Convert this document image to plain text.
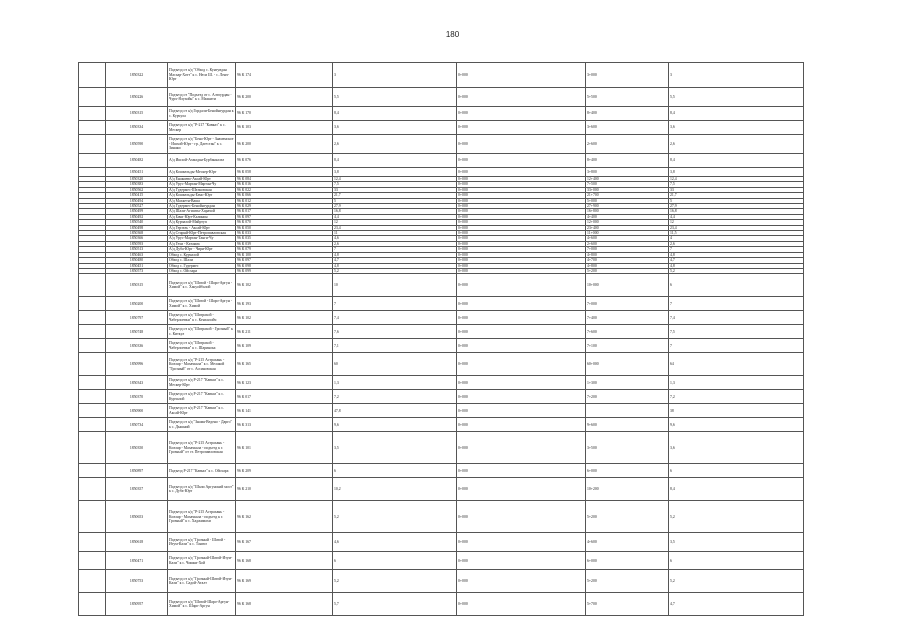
180
	1850322	Подъезд от а/д "Обход с. Кунтувдан Масхар-Хотт" к с. Неси Ш. - с. Ленч-Юрт	96 К 174	3	0+000	3+000	3
	1850226	Подъезд от "Подъезд от с. Алтоурдан - Чурх-Ялухойн" к с. Махкити	96 К 200	5,5	0+000	5+500	5,5
	1850315	Подъезд от а/д Гордали-Бенойнгурдан к с. Курчула	96 К 170	8,4	0+000	8+400	8,4
	1850334	Подъезд от а/д "Р-217 "Кавказ" к с. Мескер	96 К 103	3,6	0+000	3+600	3,6
	1850590	Подъезд от а/д "Бено-Юрт - Знаменское - Ишхой-Юрт - гр. Дагестан" к с. Зинаки	96 К 200	2,6	0+000	2+600	2,6
	1850482	А/д Ишхой-Ахмадан-Бурбанкальт	96 К 076	8,4	0+000	8+400	8,4
	1850451	А/д Кошкельды-Мескер-Юрт	96 К 058	3,8	0+000	3+800	3,8
	1850320	А/д Енакиево-Аксай-Юрт	96 К 084	12,4	0+000	12+400	12,4
	1850383	А/д Урус-Мартан-Мартан-Чу	96 К 016	7,5	0+000	7+500	7,5
	1850562	А/д Гудермес-Шелковская	96 К 022	33	0+000	33+000	33
	1850415	А/д Кошкельды-Бено-Юрт	96 К 066	21,7	0+000	21+700	21,7
	1850494	А/д Махкетн-Ваша	96 К 012	5	0+000	5+000	5
	1850527	А/д Гудермес-Бенойнгурдан	96 К 029	27,9	0+000	27+900	27,9
	1850499	А/д Шали-Агишты-Харачой	96 К 017	16,8	0+000	16+800	16,8
	1850492	А/д Бачи-Юрт-Калинин	96 К 097	4,4	0+000	4+400	4,4
	1850540	А/д Курчалой-Майртуп	96 К 070	12	0+000	12+000	12
	1850498	А/д Герзель - Аксай-Юрт	96 К 050	23,4	0+000	23+400	23,4
	1850368	А/д Старый-Юрт-Петропавловская	96 К 033	11	0+000	11+000	11,5
	1850366	А/д Урус-Мартан-Танги-Чу	96 К 035	4,6	0+000	4+600	4
	1850593	А/д Гехи - Катаяма	96 К 039	2,6	0+000	2+600	2,6
	1850513	А/д Дуба-Юрт - Чири-Юрт	96 К 079	7	0+000	7+000	7
	1850463	Обход с. Курчалой	96 К 100	4,8	0+000	4+800	4,8
	1850480	Обход с. Шали	96 К 097	4,7	0+000	4+700	4,7
	1850451	Обход с. Гудермес	96 К 098	4,8	0+000	4+800	4,8
	1850573	Обход с. Ойсхара	96 К 099	5,2	0+000	5+200	5,2
	1850315	Подъезд от а/д "Шатой - Шаро-Аргун - Химой" к с. Хакуойбалой	96 К 102	10	0+000	10+000	6
	1850200	Подъезд от а/д "Шатой - Шаро-Аргун - Химой" к с. Химой	96 К 193	7	0+000	7+000	7
	1850797	Подъезд от а/д "Шатрахой - Чаберлоевки" к с. Кенхилойч	96 К 102	7,4	0+000	7+400	7,4
	1850748	Подъезд от а/д "Шатрахой - Грозный" к с. Киткул	96 К 211	7,6	0+000	7+600	7,5
	1850336	Подъезд от а/д "Шатрахой - Чаберлоевки" к с. Шаринока	96 К 109	7,1	0+000	7+100	7
	1850996	Подъезд от а/д "Р-215 Астрахань - Кизляр - Махачкала" к с. Мелакой "Грозный" от с. Ассиновская	96 К 165	60	0+000	60+000	64
	1850343	Подъезд от а/д Р-217 "Кавказ" к с. Мескер-Юрт	96 К 123	1,3	0+000	1+300	1,3
	1850370	Подъезд от а/д Р-217 "Кавказ" к с. Курчалой	96 К 017	7,2	0+000	7+200	7,2
	1850900	Подъезд от а/д Р-217 "Кавказ" к с. Аксай-Юрт	96 К 141	47,8	0+000		38
	1850734	Подъезд от а/д "Знамя-Ведено - Дарго" к с. Дышний	96 К 313	9,6	0+000	9+600	9,6
	1850350	Подъезд от а/д "Р-215 Астрахань - Кизляр - Махачкала - подъезд к г. Грозный" от ст. Петропавловская	96 К 101	3,5	0+000	3+500	3,6
	1850897	Подъезд Р-217 "Кавказ" к с. Ойсхара	96 К 209	6	0+000	6+000	6
	1850357	Подъезд от а/д "Шали Аргунский мост" к с. Дуба-Юрт	96 К 210	10,2	0+000	10+200	8,4
	1850653	Подъезд от а/д "Р-215 Астрахань - Кизляр - Махачкала - подъезд к г. Грозный" к с. Хаджимахи	96 К 162	5,2	0+000	5+200	5,2
	1850618	Подъезд от а/д "Грозный - Шатой - Итум-Кали" к с. Тангиз	96 К 167	4,6	0+000	4+600	3,5
	1850471	Подъезд от а/д "Грозный-Шатой-Итум-Кали" к с. Чишки-Хой	96 К 168	6	0+000	6+000	6
	1850753	Подъезд от а/д "Грозный-Шатой-Итум-Кали" к с. Садой-Аталт	96 К 169	5,2	0+000	5+200	5,2
	1850957	Подъезд от а/д "Шатой-Шаро-Аргун-Химой" к с. Шаро-Аргун	96 К 168	5,7	0+000	5+700	4,7
